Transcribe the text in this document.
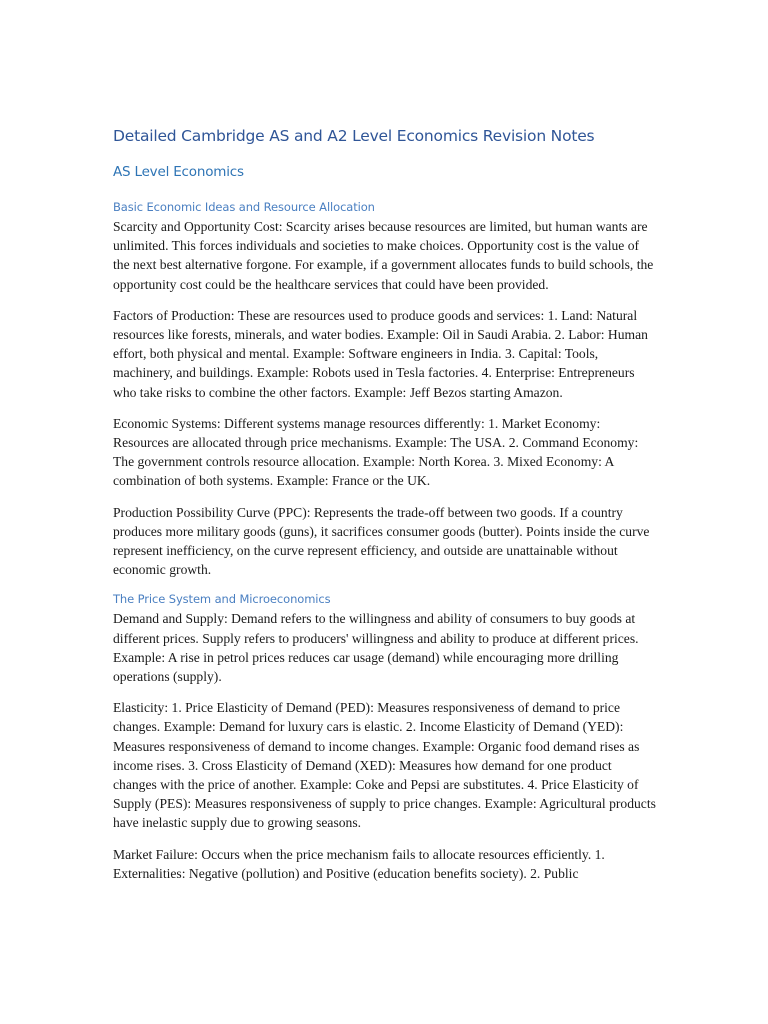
Detailed Cambridge AS and A2 Level Economics Revision Notes
AS Level Economics
Basic Economic Ideas and Resource Allocation

Scarcity and Opportunity Cost: Scarcity arises because resources are limited, but human wants are unlimited. This forces individuals and societies to make choices. Opportunity cost is the value of the next best alternative forgone. For example, if a government allocates funds to build schools, the opportunity cost could be the healthcare services that could have been provided.

Factors of Production: These are resources used to produce goods and services: 1. Land: Natural resources like forests, minerals, and water bodies. Example: Oil in Saudi Arabia. 2. Labor: Human effort, both physical and mental. Example: Software engineers in India. 3. Capital: Tools, machinery, and buildings. Example: Robots used in Tesla factories. 4. Enterprise: Entrepreneurs who take risks to combine the other factors. Example: Jeff Bezos starting Amazon.

Economic Systems: Different systems manage resources differently: 1. Market Economy: Resources are allocated through price mechanisms. Example: The USA. 2. Command Economy: The government controls resource allocation. Example: North Korea. 3. Mixed Economy: A combination of both systems. Example: France or the UK.

Production Possibility Curve (PPC): Represents the trade-off between two goods. If a country produces more military goods (guns), it sacrifices consumer goods (butter). Points inside the curve represent inefficiency, on the curve represent efficiency, and outside are unattainable without economic growth.

The Price System and Microeconomics

Demand and Supply: Demand refers to the willingness and ability of consumers to buy goods at different prices. Supply refers to producers' willingness and ability to produce at different prices. Example: A rise in petrol prices reduces car usage (demand) while encouraging more drilling operations (supply).

Elasticity: 1. Price Elasticity of Demand (PED): Measures responsiveness of demand to price changes. Example: Demand for luxury cars is elastic. 2. Income Elasticity of Demand (YED): Measures responsiveness of demand to income changes. Example: Organic food demand rises as income rises. 3. Cross Elasticity of Demand (XED): Measures how demand for one product changes with the price of another. Example: Coke and Pepsi are substitutes. 4. Price Elasticity of Supply (PES): Measures responsiveness of supply to price changes. Example: Agricultural products have inelastic supply due to growing seasons.

Market Failure: Occurs when the price mechanism fails to allocate resources efficiently. 1. Externalities: Negative (pollution) and Positive (education benefits society). 2. Public
